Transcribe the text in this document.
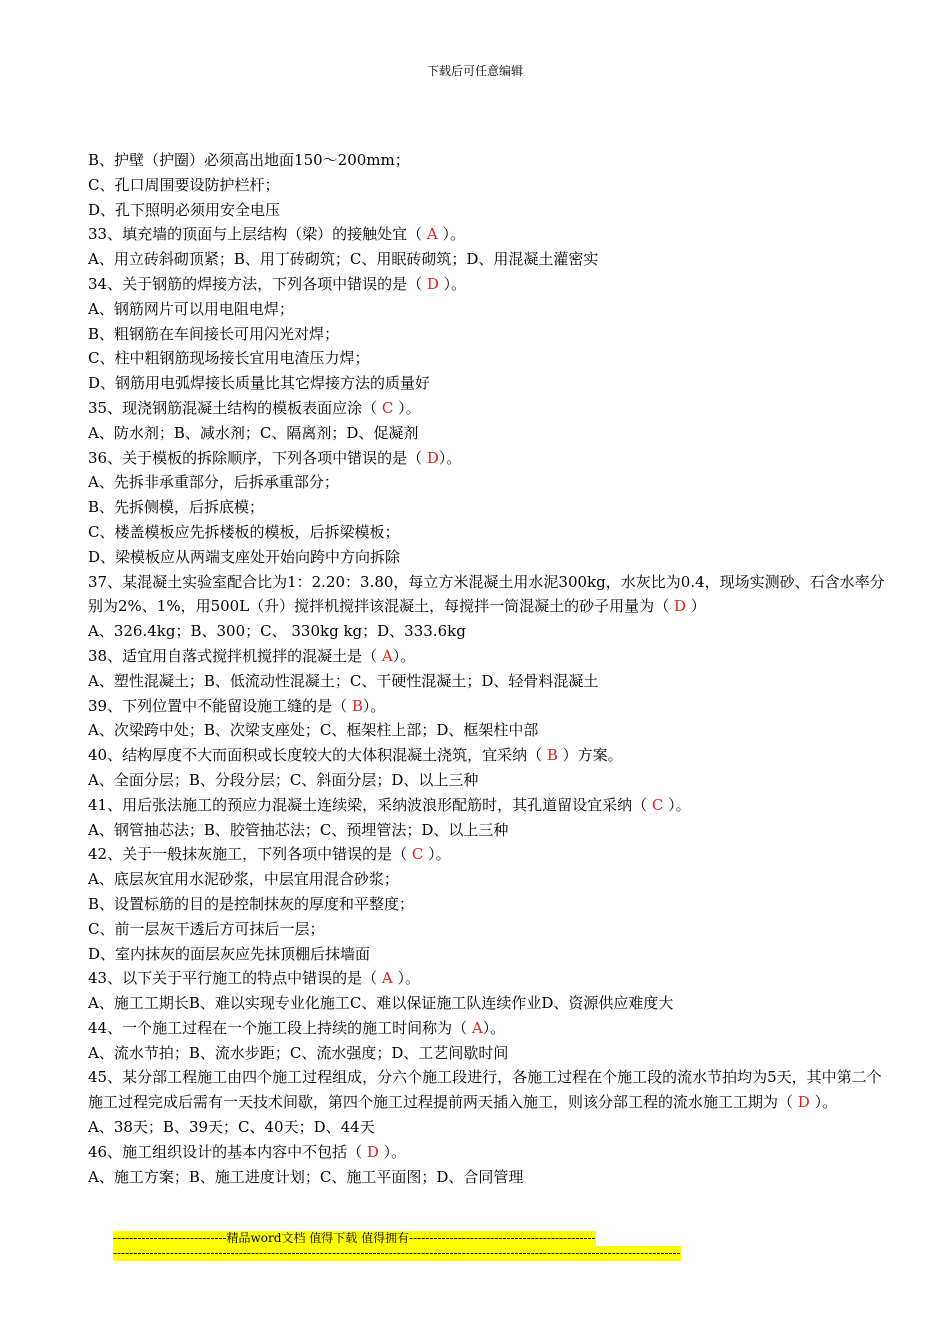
下载后可任意编辑
B、护壁（护圈）必须高出地面150～200mm；
C、孔口周围要设防护栏杆；
D、孔下照明必须用安全电压
33、填充墙的顶面与上层结构（梁）的接触处宜（ A ）。
A、用立砖斜砌顶紧；B、用丁砖砌筑；C、用眠砖砌筑；D、用混凝土灌密实
34、关于钢筋的焊接方法，下列各项中错误的是（ D ）。
A、钢筋网片可以用电阻电焊；
B、粗钢筋在车间接长可用闪光对焊；
C、柱中粗钢筋现场接长宜用电渣压力焊；
D、钢筋用电弧焊接长质量比其它焊接方法的质量好
35、现浇钢筋混凝土结构的模板表面应涂（ C ）。
A、防水剂；B、减水剂；C、隔离剂；D、促凝剂
36、关于模板的拆除顺序，下列各项中错误的是（ D）。
A、先拆非承重部分，后拆承重部分；
B、先拆侧模，后拆底模；
C、楼盖模板应先拆楼板的模板，后拆梁模板；
D、梁模板应从两端支座处开始向跨中方向拆除
37、某混凝土实验室配合比为1：2.20：3.80，每立方米混凝土用水泥300kg，水灰比为0.4，现场实测砂、石含水率分别为2%、1%，用500L（升）搅拌机搅拌该混凝土，每搅拌一筒混凝土的砂子用量为（ D ）
A、326.4kg；B、300；C、 330kg kg；D、333.6kg
38、适宜用自落式搅拌机搅拌的混凝土是（ A）。
A、塑性混凝土；B、低流动性混凝土；C、干硬性混凝土；D、轻骨料混凝土
39、下列位置中不能留设施工缝的是（ B）。
A、次梁跨中处；B、次梁支座处；C、框架柱上部；D、框架柱中部
40、结构厚度不大而面积或长度较大的大体积混凝土浇筑，宜采纳（ B ）方案。
A、全面分层；B、分段分层；C、斜面分层；D、以上三种
41、用后张法施工的预应力混凝土连续梁，采纳波浪形配筋时，其孔道留设宜采纳（ C ）。
A、钢管抽芯法；B、胶管抽芯法；C、预埋管法；D、以上三种
42、关于一般抹灰施工，下列各项中错误的是（ C ）。
A、底层灰宜用水泥砂浆，中层宜用混合砂浆；
B、设置标筋的目的是控制抹灰的厚度和平整度；
C、前一层灰干透后方可抹后一层；
D、室内抹灰的面层灰应先抹顶棚后抹墙面
43、以下关于平行施工的特点中错误的是（ A ）。
A、施工工期长B、难以实现专业化施工C、难以保证施工队连续作业D、资源供应难度大
44、一个施工过程在一个施工段上持续的施工时间称为（ A）。
A、流水节拍；B、流水步距；C、流水强度；D、工艺间歇时间
45、某分部工程施工由四个施工过程组成，分六个施工段进行，各施工过程在个施工段的流水节拍均为5天，其中第二个施工过程完成后需有一天技术间歇，第四个施工过程提前两天插入施工，则该分部工程的流水施工工期为（ D ）。
A、38天；B、39天；C、40天；D、44天
46、施工组织设计的基本内容中不包括（ D ）。
A、施工方案；B、施工进度计划；C、施工平面图；D、合同管理
----------------------------精品word文档 值得下载 值得拥有----------------------------------------------
--------------------------------------------------------------------------------------------------------------------------------------------
